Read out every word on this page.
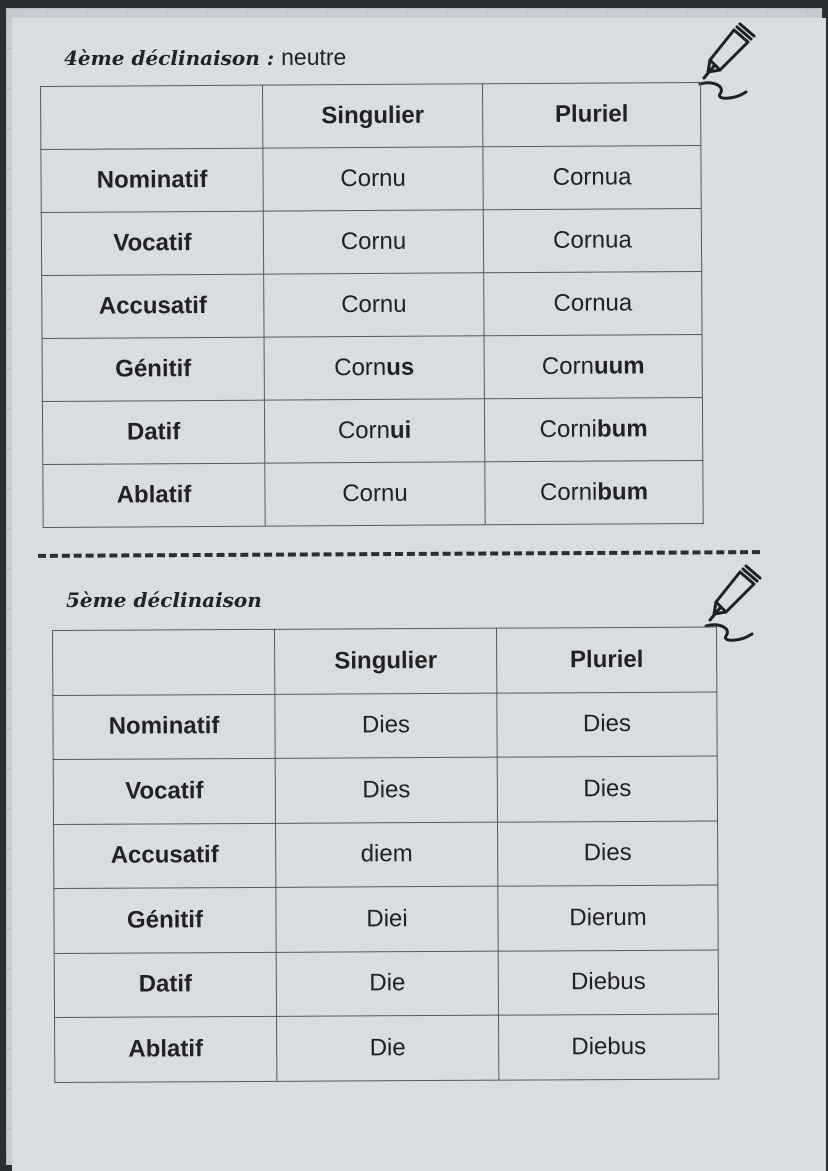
4ème déclinaison : neutre
	Singulier	Pluriel
Nominatif	Cornu	Cornua
Vocatif	Cornu	Cornua
Accusatif	Cornu	Cornua
Génitif	Cornus	Cornuum
Datif	Cornui	Cornibum
Ablatif	Cornu	Cornibum
5ème déclinaison
	Singulier	Pluriel
Nominatif	Dies	Dies
Vocatif	Dies	Dies
Accusatif	diem	Dies
Génitif	Diei	Dierum
Datif	Die	Diebus
Ablatif	Die	Diebus
